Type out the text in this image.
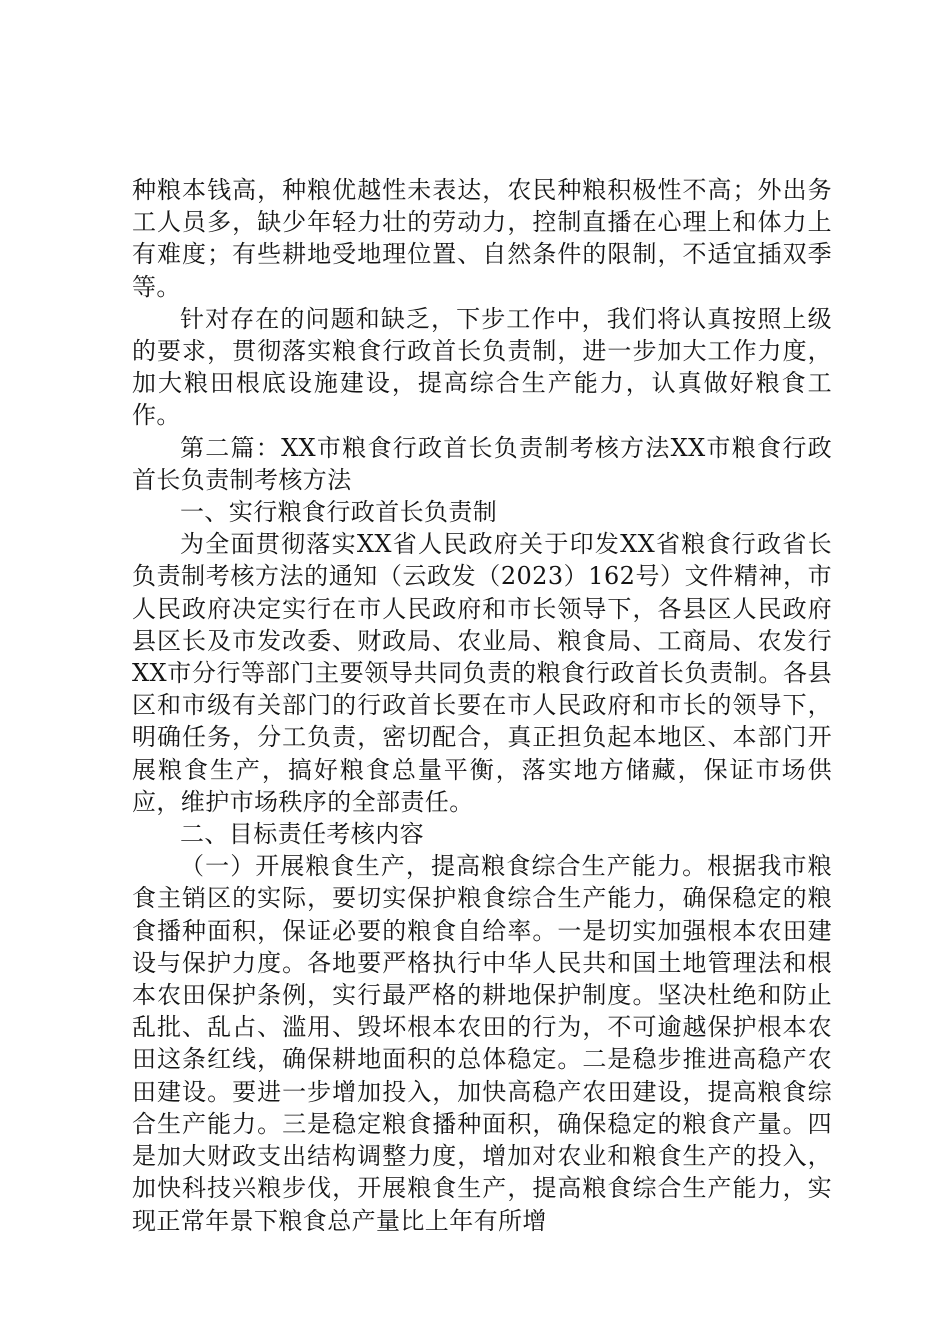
种粮本钱高，种粮优越性未表达，农民种粮积极性不高；外出务工人员多，缺少年轻力壮的劳动力，控制直播在心理上和体力上有难度；有些耕地受地理位置、自然条件的限制，不适宜插双季等。

针对存在的问题和缺乏，下步工作中，我们将认真按照上级的要求，贯彻落实粮食行政首长负责制，进一步加大工作力度，加大粮田根底设施建设，提高综合生产能力，认真做好粮食工作。

第二篇：XX市粮食行政首长负责制考核方法XX市粮食行政首长负责制考核方法

一、实行粮食行政首长负责制

为全面贯彻落实XX省人民政府关于印发XX省粮食行政省长负责制考核方法的通知（云政发（2023）162号）文件精神，市人民政府决定实行在市人民政府和市长领导下，各县区人民政府县区长及市发改委、财政局、农业局、粮食局、工商局、农发行XX市分行等部门主要领导共同负责的粮食行政首长负责制。各县区和市级有关部门的行政首长要在市人民政府和市长的领导下，明确任务，分工负责，密切配合，真正担负起本地区、本部门开展粮食生产，搞好粮食总量平衡，落实地方储藏，保证市场供应，维护市场秩序的全部责任。

二、目标责任考核内容

（一）开展粮食生产，提高粮食综合生产能力。根据我市粮食主销区的实际，要切实保护粮食综合生产能力，确保稳定的粮食播种面积，保证必要的粮食自给率。一是切实加强根本农田建设与保护力度。各地要严格执行中华人民共和国土地管理法和根本农田保护条例，实行最严格的耕地保护制度。坚决杜绝和防止乱批、乱占、滥用、毁坏根本农田的行为，不可逾越保护根本农田这条红线，确保耕地面积的总体稳定。二是稳步推进高稳产农田建设。要进一步增加投入，加快高稳产农田建设，提高粮食综合生产能力。三是稳定粮食播种面积，确保稳定的粮食产量。四是加大财政支出结构调整力度，增加对农业和粮食生产的投入，加快科技兴粮步伐，开展粮食生产，提高粮食综合生产能力，实现正常年景下粮食总产量比上年有所增
